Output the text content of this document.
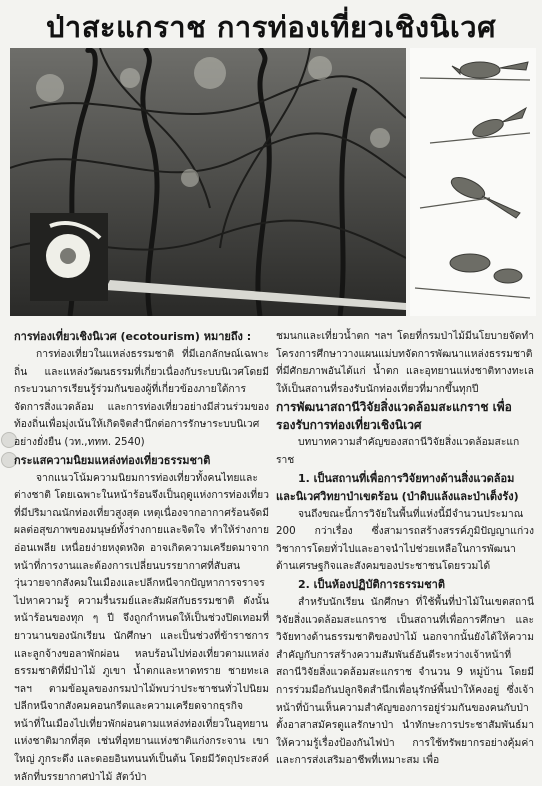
ป่าสะแกราช การท่องเที่ยวเชิงนิเวศ
การท่องเที่ยวเชิงนิเวศ (ecotourism) หมายถึง :

การท่องเที่ยวในแหล่งธรรมชาติ ที่มีเอกลักษณ์เฉพาะถิ่น และแหล่งวัฒนธรรมที่เกี่ยวเนื่องกับระบบนิเวศโดยมีกระบวนการเรียนรู้ร่วมกันของผู้ที่เกี่ยวข้องภายใต้การจัดการสิ่งแวดล้อม และการท่องเที่ยวอย่างมีส่วนร่วมของท้องถิ่นเพื่อมุ่งเน้นให้เกิดจิตสำนึกต่อการรักษาระบบนิเวศอย่างยั่งยืน (วท.,ททท. 2540)

กระแสความนิยมแหล่งท่องเที่ยวธรรมชาติ

จากแนวโน้มความนิยมการท่องเที่ยวทั้งคนไทยและต่างชาติ โดยเฉพาะในหน้าร้อนจึงเป็นฤดูแห่งการท่องเที่ยวที่มีปริมาณนักท่องเที่ยวสูงสุด เหตุเนื่องจากอากาศร้อนจัดมีผลต่อสุขภาพของมนุษย์ทั้งร่างกายและจิตใจ ทำให้ร่างกายอ่อนเพลีย เหนื่อยง่ายหงุดหงิด อาจเกิดความเครียดมาจากหน้าที่การงานและต้องการเปลี่ยนบรรยากาศที่สับสนวุ่นวายจากสังคมในเมืองและปลีกหนีจากปัญหาการจราจรไปหาความรู้ ความรื่นรมย์และสัมผัสกับธรรมชาติ ดังนั้นหน้าร้อนของทุก ๆ ปี จึงถูกกำหนดให้เป็นช่วงปิดเทอมที่ยาวนานของนักเรียน นักศึกษา และเป็นช่วงที่ข้าราชการและลูกจ้างขอลาพักผ่อน หลบร้อนไปท่องเที่ยวตามแหล่งธรรมชาติที่มีป่าไม้ ภูเขา น้ำตกและหาดทราย ชายทะเลฯลฯ ตามข้อมูลของกรมป่าไม้พบว่าประชาชนทั่วไปนิยมปลีกหนีจากสังคมคอนกรีตและความเครียดจากธุรกิจหน้าที่ในเมืองไปเที่ยวพักผ่อนตามแหล่งท่องเที่ยวในอุทยานแห่งชาติมากที่สุด เช่นที่อุทยานแห่งชาติแก่งกระจาน เขาใหญ่ ภูกระดึง และดอยอินทนนท์เป็นต้น โดยมีวัตถุประสงค์หลักที่บรรยากาศป่าไม้ สัตว์ป่า

ชมนกและเที่ยวน้ำตก ฯลฯ โดยที่กรมป่าไม้มีนโยบายจัดทำโครงการศึกษาวางแผนแม่บทจัดการพัฒนาแหล่งธรรมชาติที่มีศักยภาพอันได้แก่ น้ำตก และอุทยานแห่งชาติทางทะเล ให้เป็นสถานที่รองรับนักท่องเที่ยวที่มากขึ้นทุกปี

การพัฒนาสถานีวิจัยสิ่งแวดล้อมสะแกราช เพื่อรองรับการท่องเที่ยวเชิงนิเวศ

บทบาทความสำคัญของสถานีวิจัยสิ่งแวดล้อมสะแกราช

1. เป็นสถานที่เพื่อการวิจัยทางด้านสิ่งแวดล้อมและนิเวศวิทยาป่าเขตร้อน (ป่าดิบแล้งและป่าเต็งรัง)

จนถึงขณะนี้การวิจัยในพื้นที่แห่งนี้มีจำนวนประมาณ 200 กว่าเรื่อง ซึ่งสามารถสร้างสรรค์ภูมิปัญญาแก่วงวิชาการโดยทั่วไปและอาจนำไปช่วยเหลือในการพัฒนาด้านเศรษฐกิจและสังคมของประชาชนโดยรวมได้

2. เป็นห้องปฏิบัติการธรรมชาติ

สำหรับนักเรียน นักศึกษา ที่ใช้พื้นที่ป่าไม้ในเขตสถานีวิจัยสิ่งแวดล้อมสะแกราช เป็นสถานที่เพื่อการศึกษา และวิจัยทางด้านธรรมชาติของป่าไม้ นอกจากนั้นยังได้ให้ความสำคัญกับการสร้างความสัมพันธ์อันดีระหว่างเจ้าหน้าที่สถานีวิจัยสิ่งแวดล้อมสะแกราช จำนวน 9 หมู่บ้าน โดยมีการร่วมมือกันปลูกจิตสำนึกเพื่อนุรักษ์พื้นป่าให้คงอยู่ ซึ่งเจ้าหน้าที่บ้านเห็นความสำคัญของการอยู่ร่วมกันของคนกับป่า ตั้งอาสาสมัครดูแลรักษาป่า นำทักษะการประชาสัมพันธ์มาให้ความรู้เรื่องป้องกันไฟป่า การใช้ทรัพยากรอย่างคุ้มค่าและการส่งเสริมอาชีพที่เหมาะสม เพื่อ
